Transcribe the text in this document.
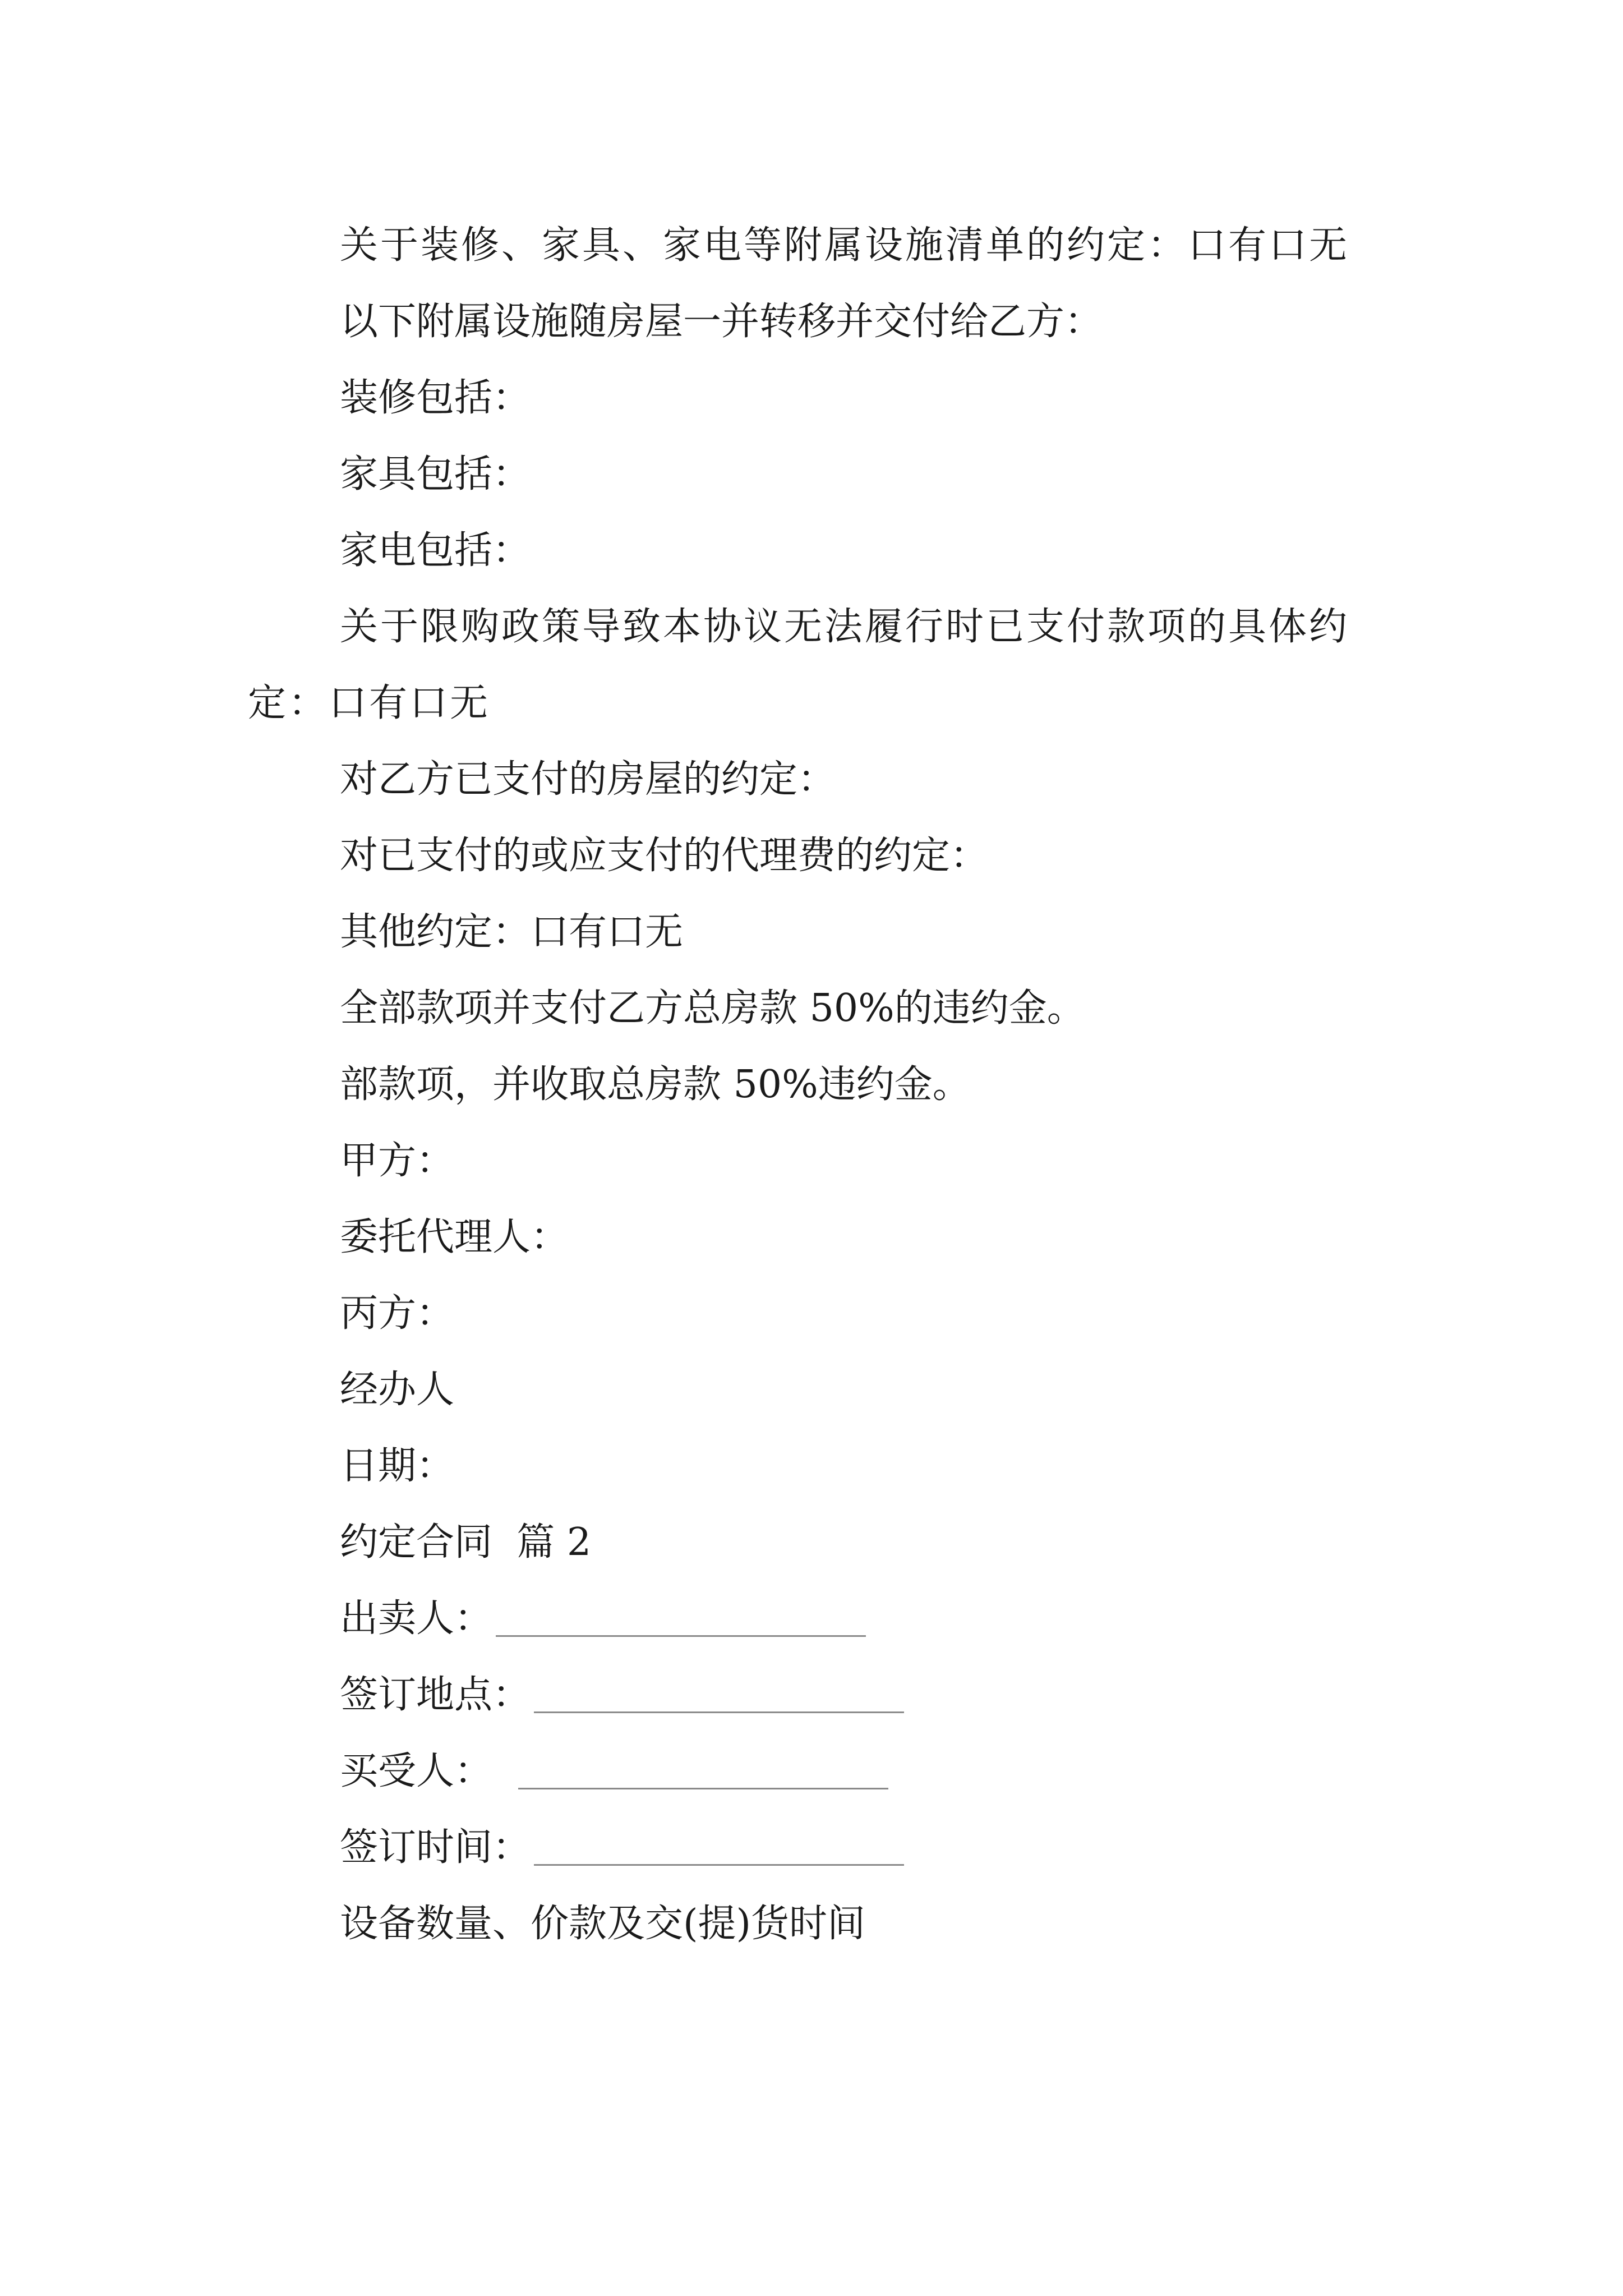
关于装修、家具、家电等附属设施清单的约定：口有口无

以下附属设施随房屋一并转移并交付给乙方：

装修包括：

家具包括：

家电包括：

关于限购政策导致本协议无法履行时已支付款项的具体约定：口有口无

对乙方已支付的房屋的约定：

对已支付的或应支付的代理费的约定：

其他约定：口有口无

全部款项并支付乙方总房款 50%的违约金。

部款项，并收取总房款 50%违约金。

甲方：

委托代理人：

丙方：

经办人

日期：

约定合同  篇 2

出卖人：
签订地点：
买受人：
签订时间：

设备数量、价款及交(提)货时间
